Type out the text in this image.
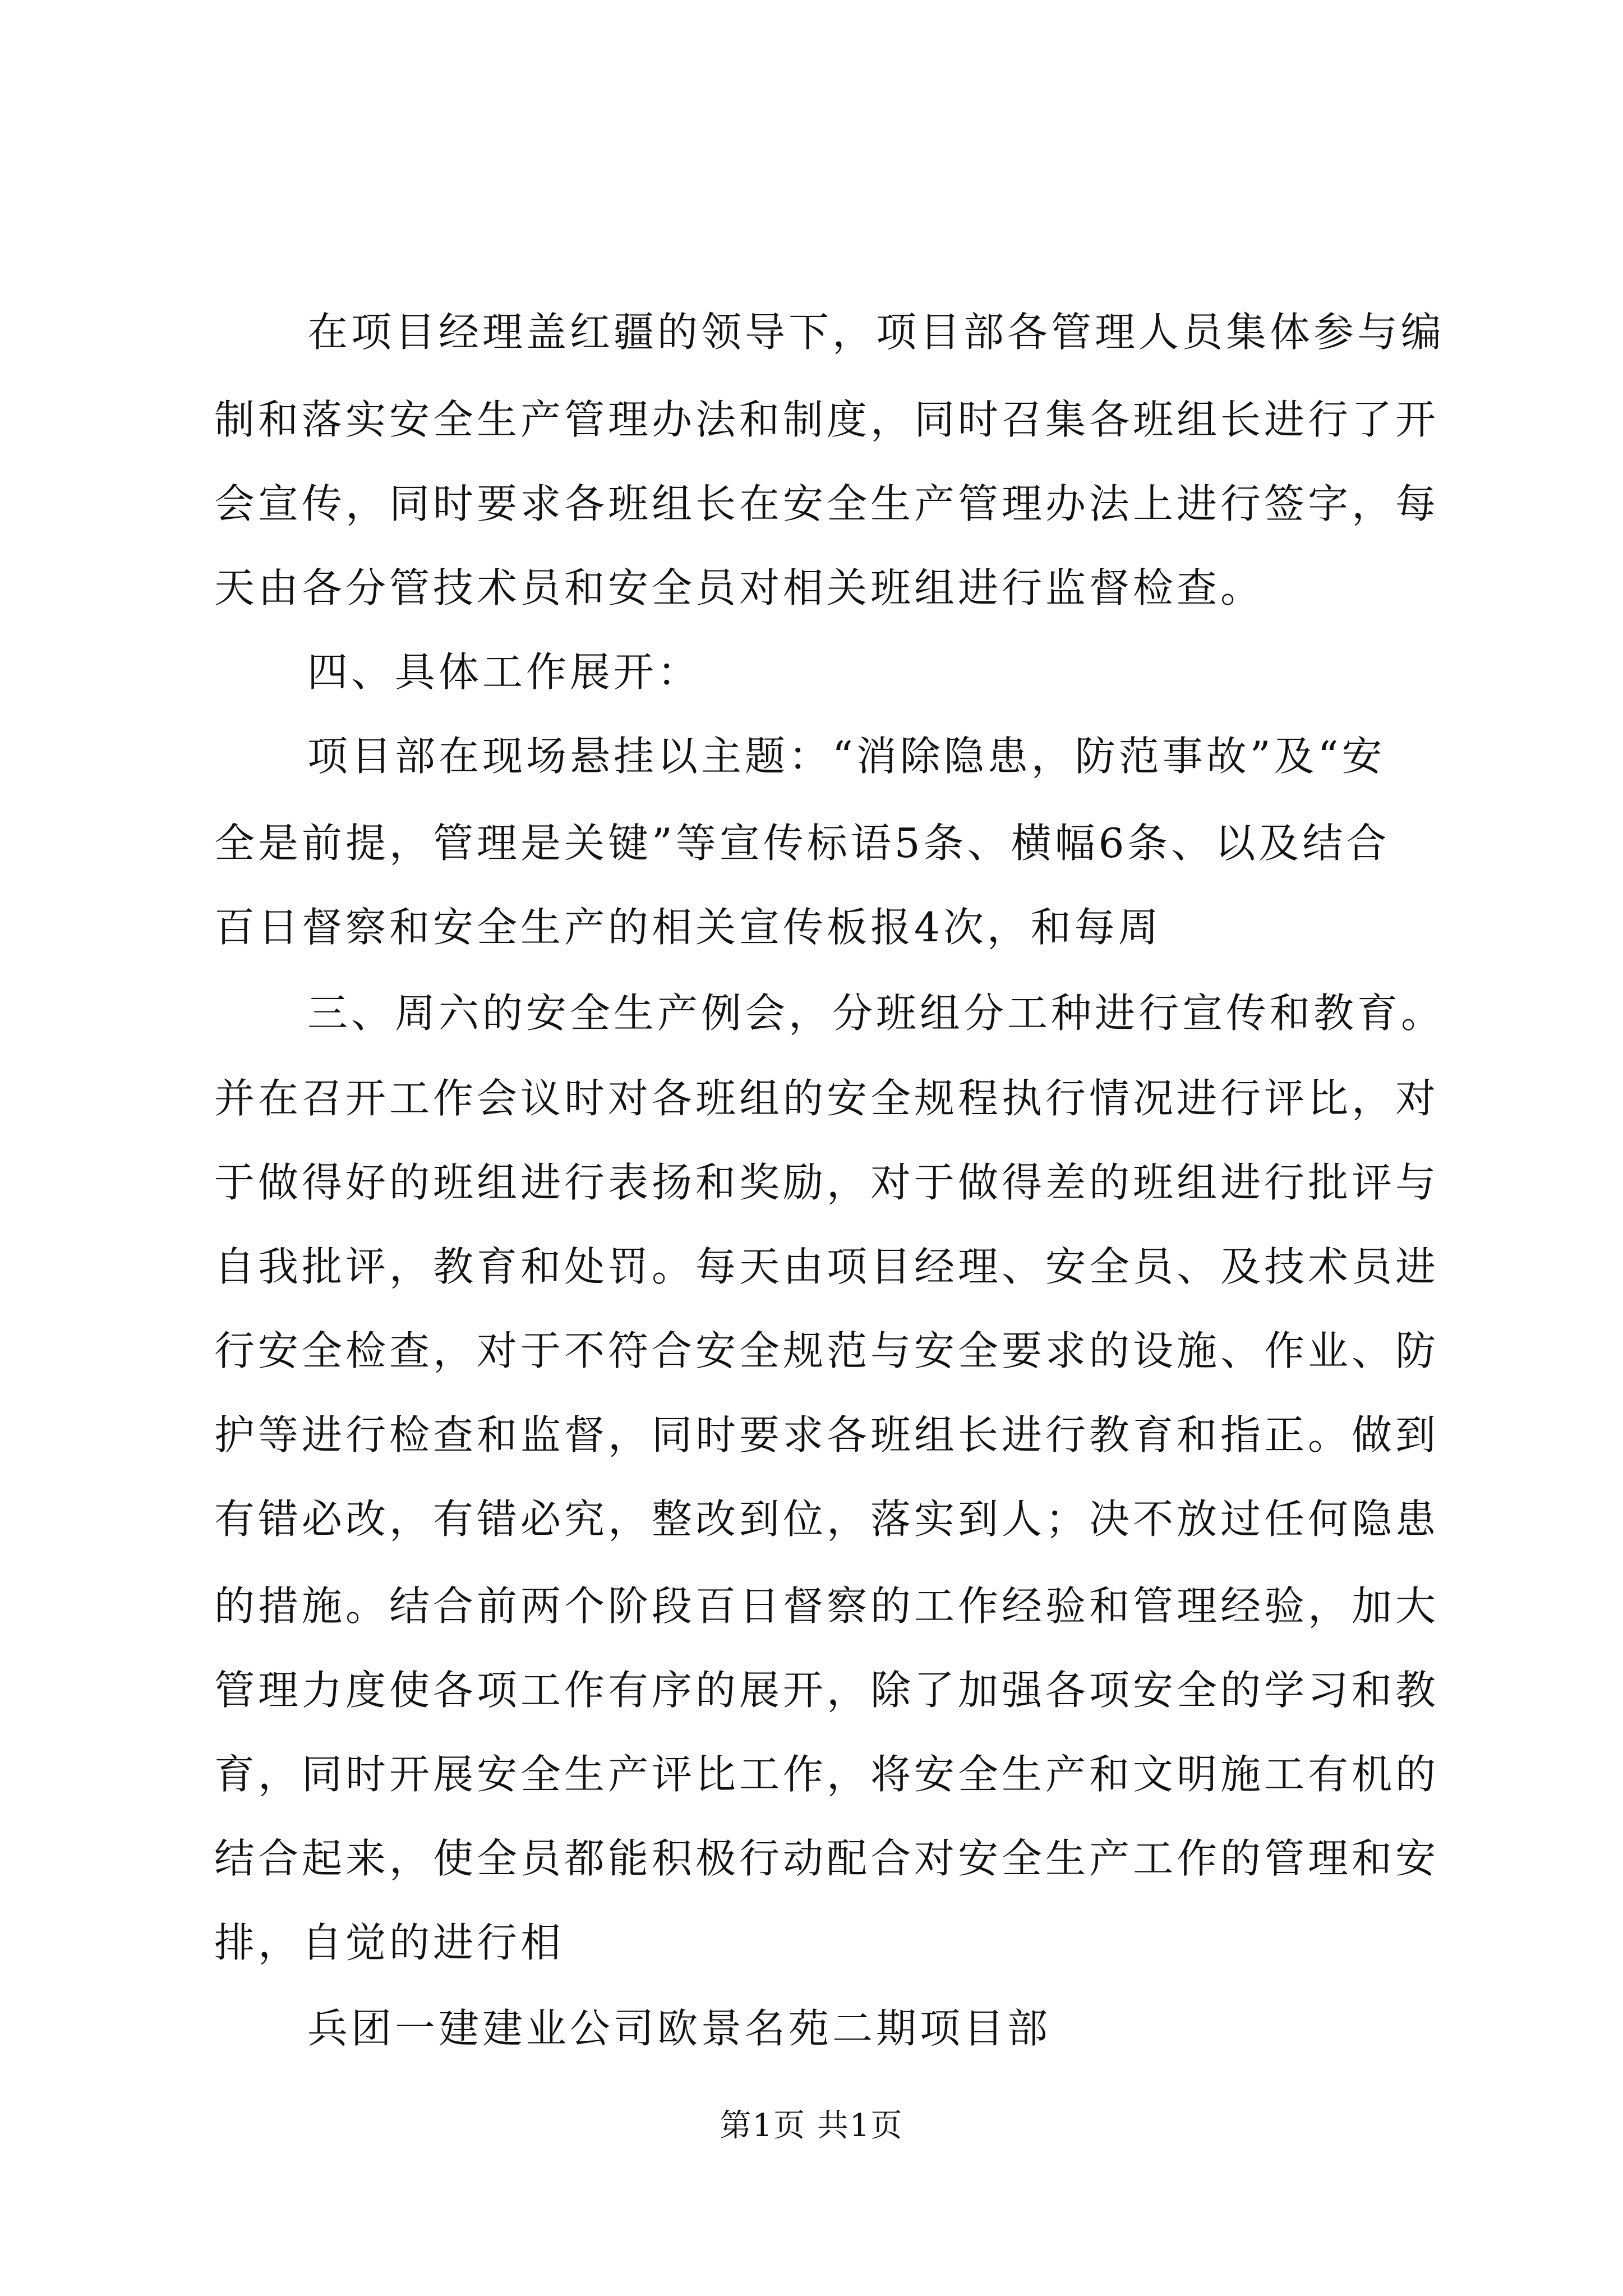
在项目经理盖红疆的领导下，项目部各管理人员集体参与编
制和落实安全生产管理办法和制度，同时召集各班组长进行了开
会宣传，同时要求各班组长在安全生产管理办法上进行签字，每
天由各分管技术员和安全员对相关班组进行监督检查。
四、具体工作展开：
项目部在现场悬挂以主题：“消除隐患，防范事故”及“安
全是前提，管理是关键”等宣传标语5条、横幅6条、以及结合
百日督察和安全生产的相关宣传板报4次，和每周
三、周六的安全生产例会，分班组分工种进行宣传和教育。
并在召开工作会议时对各班组的安全规程执行情况进行评比，对
于做得好的班组进行表扬和奖励，对于做得差的班组进行批评与
自我批评，教育和处罚。每天由项目经理、安全员、及技术员进
行安全检查，对于不符合安全规范与安全要求的设施、作业、防
护等进行检查和监督，同时要求各班组长进行教育和指正。做到
有错必改，有错必究，整改到位，落实到人；决不放过任何隐患
的措施。结合前两个阶段百日督察的工作经验和管理经验，加大
管理力度使各项工作有序的展开，除了加强各项安全的学习和教
育，同时开展安全生产评比工作，将安全生产和文明施工有机的
结合起来，使全员都能积极行动配合对安全生产工作的管理和安
排，自觉的进行相
兵团一建建业公司欧景名苑二期项目部
第1页 共1页
